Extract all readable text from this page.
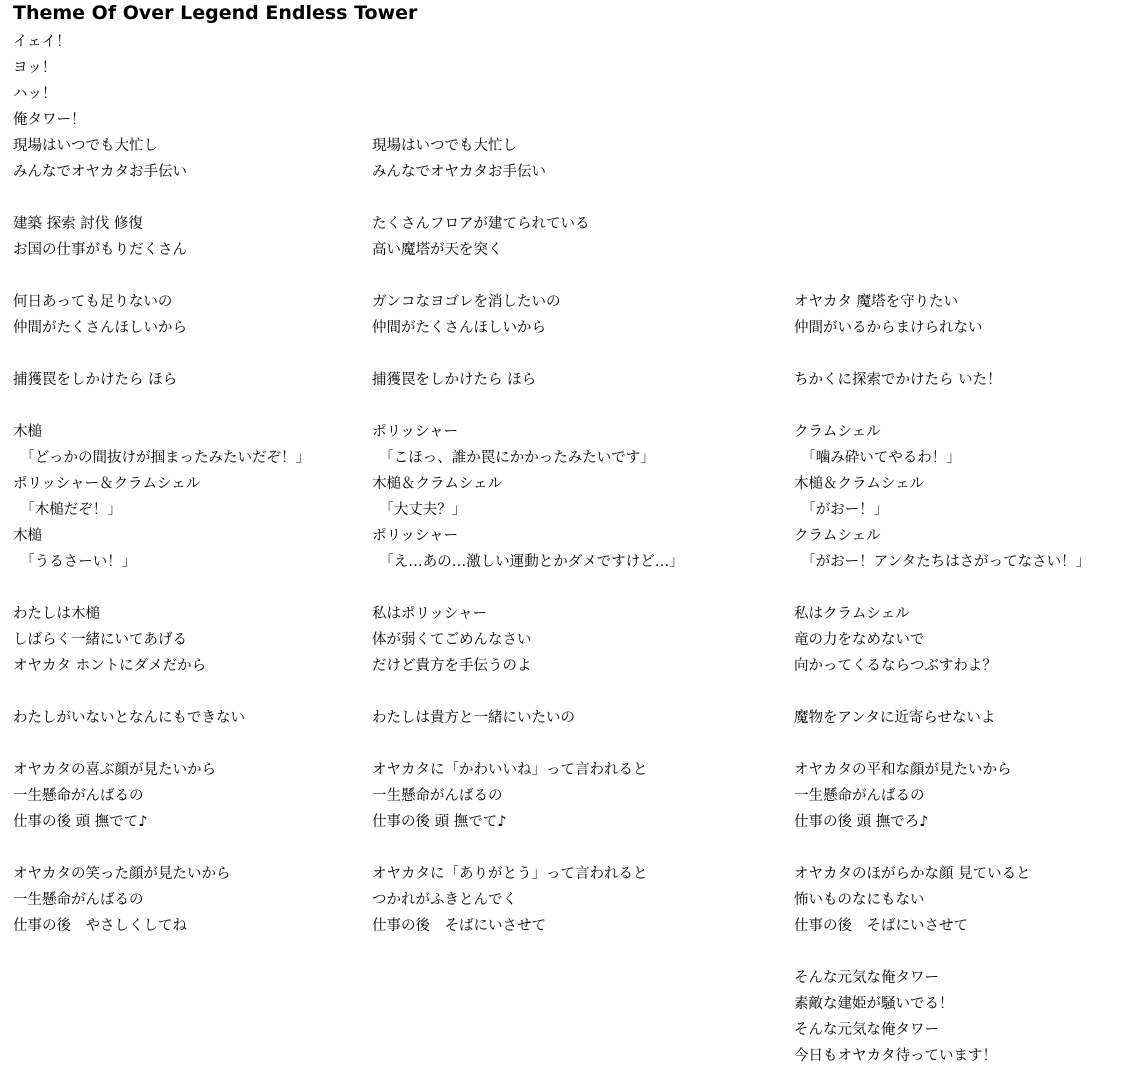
Theme Of Over Legend Endless Tower
イェイ！
ヨッ！
ハッ！
俺タワー！
現場はいつでも大忙し
みんなでオヤカタお手伝い
建築 探索 討伐 修復
お国の仕事がもりだくさん
何日あっても足りないの
仲間がたくさんほしいから
捕獲罠をしかけたら ほら
木槌
　「どっかの間抜けが掴まったみたいだぞ！」
ポリッシャー＆クラムシェル
　「木槌だぞ！」
木槌
　「うるさーい！」
わたしは木槌
しばらく一緒にいてあげる
オヤカタ ホントにダメだから
わたしがいないとなんにもできない
オヤカタの喜ぶ顔が見たいから
一生懸命がんばるの
仕事の後 頭 撫でて♪
オヤカタの笑った顔が見たいから
一生懸命がんばるの
仕事の後　やさしくしてね
現場はいつでも大忙し
みんなでオヤカタお手伝い
たくさんフロアが建てられている
高い魔塔が天を突く
ガンコなヨゴレを消したいの
仲間がたくさんほしいから
捕獲罠をしかけたら ほら
ポリッシャー
　「こほっ、誰か罠にかかったみたいです」
木槌＆クラムシェル
　「大丈夫？」
ポリッシャー
　「え…あの…激しい運動とかダメですけど…」
私はポリッシャー
体が弱くてごめんなさい
だけど貴方を手伝うのよ
わたしは貴方と一緒にいたいの
オヤカタに「かわいいね」って言われると
一生懸命がんばるの
仕事の後 頭 撫でて♪
オヤカタに「ありがとう」って言われると
つかれがふきとんでく
仕事の後　そばにいさせて
オヤカタ 魔塔を守りたい
仲間がいるからまけられない
ちかくに探索でかけたら いた！
クラムシェル
　「噛み砕いてやるわ！」
木槌＆クラムシェル
　「がおー！」
クラムシェル
　「がおー！アンタたちはさがってなさい！」
私はクラムシェル
竜の力をなめないで
向かってくるならつぶすわよ？
魔物をアンタに近寄らせないよ
オヤカタの平和な顔が見たいから
一生懸命がんばるの
仕事の後 頭 撫でろ♪
オヤカタのほがらかな顔 見ていると
怖いものなにもない
仕事の後　そばにいさせて
そんな元気な俺タワー
素敵な建姫が騒いでる！
そんな元気な俺タワー
今日もオヤカタ待っています！
